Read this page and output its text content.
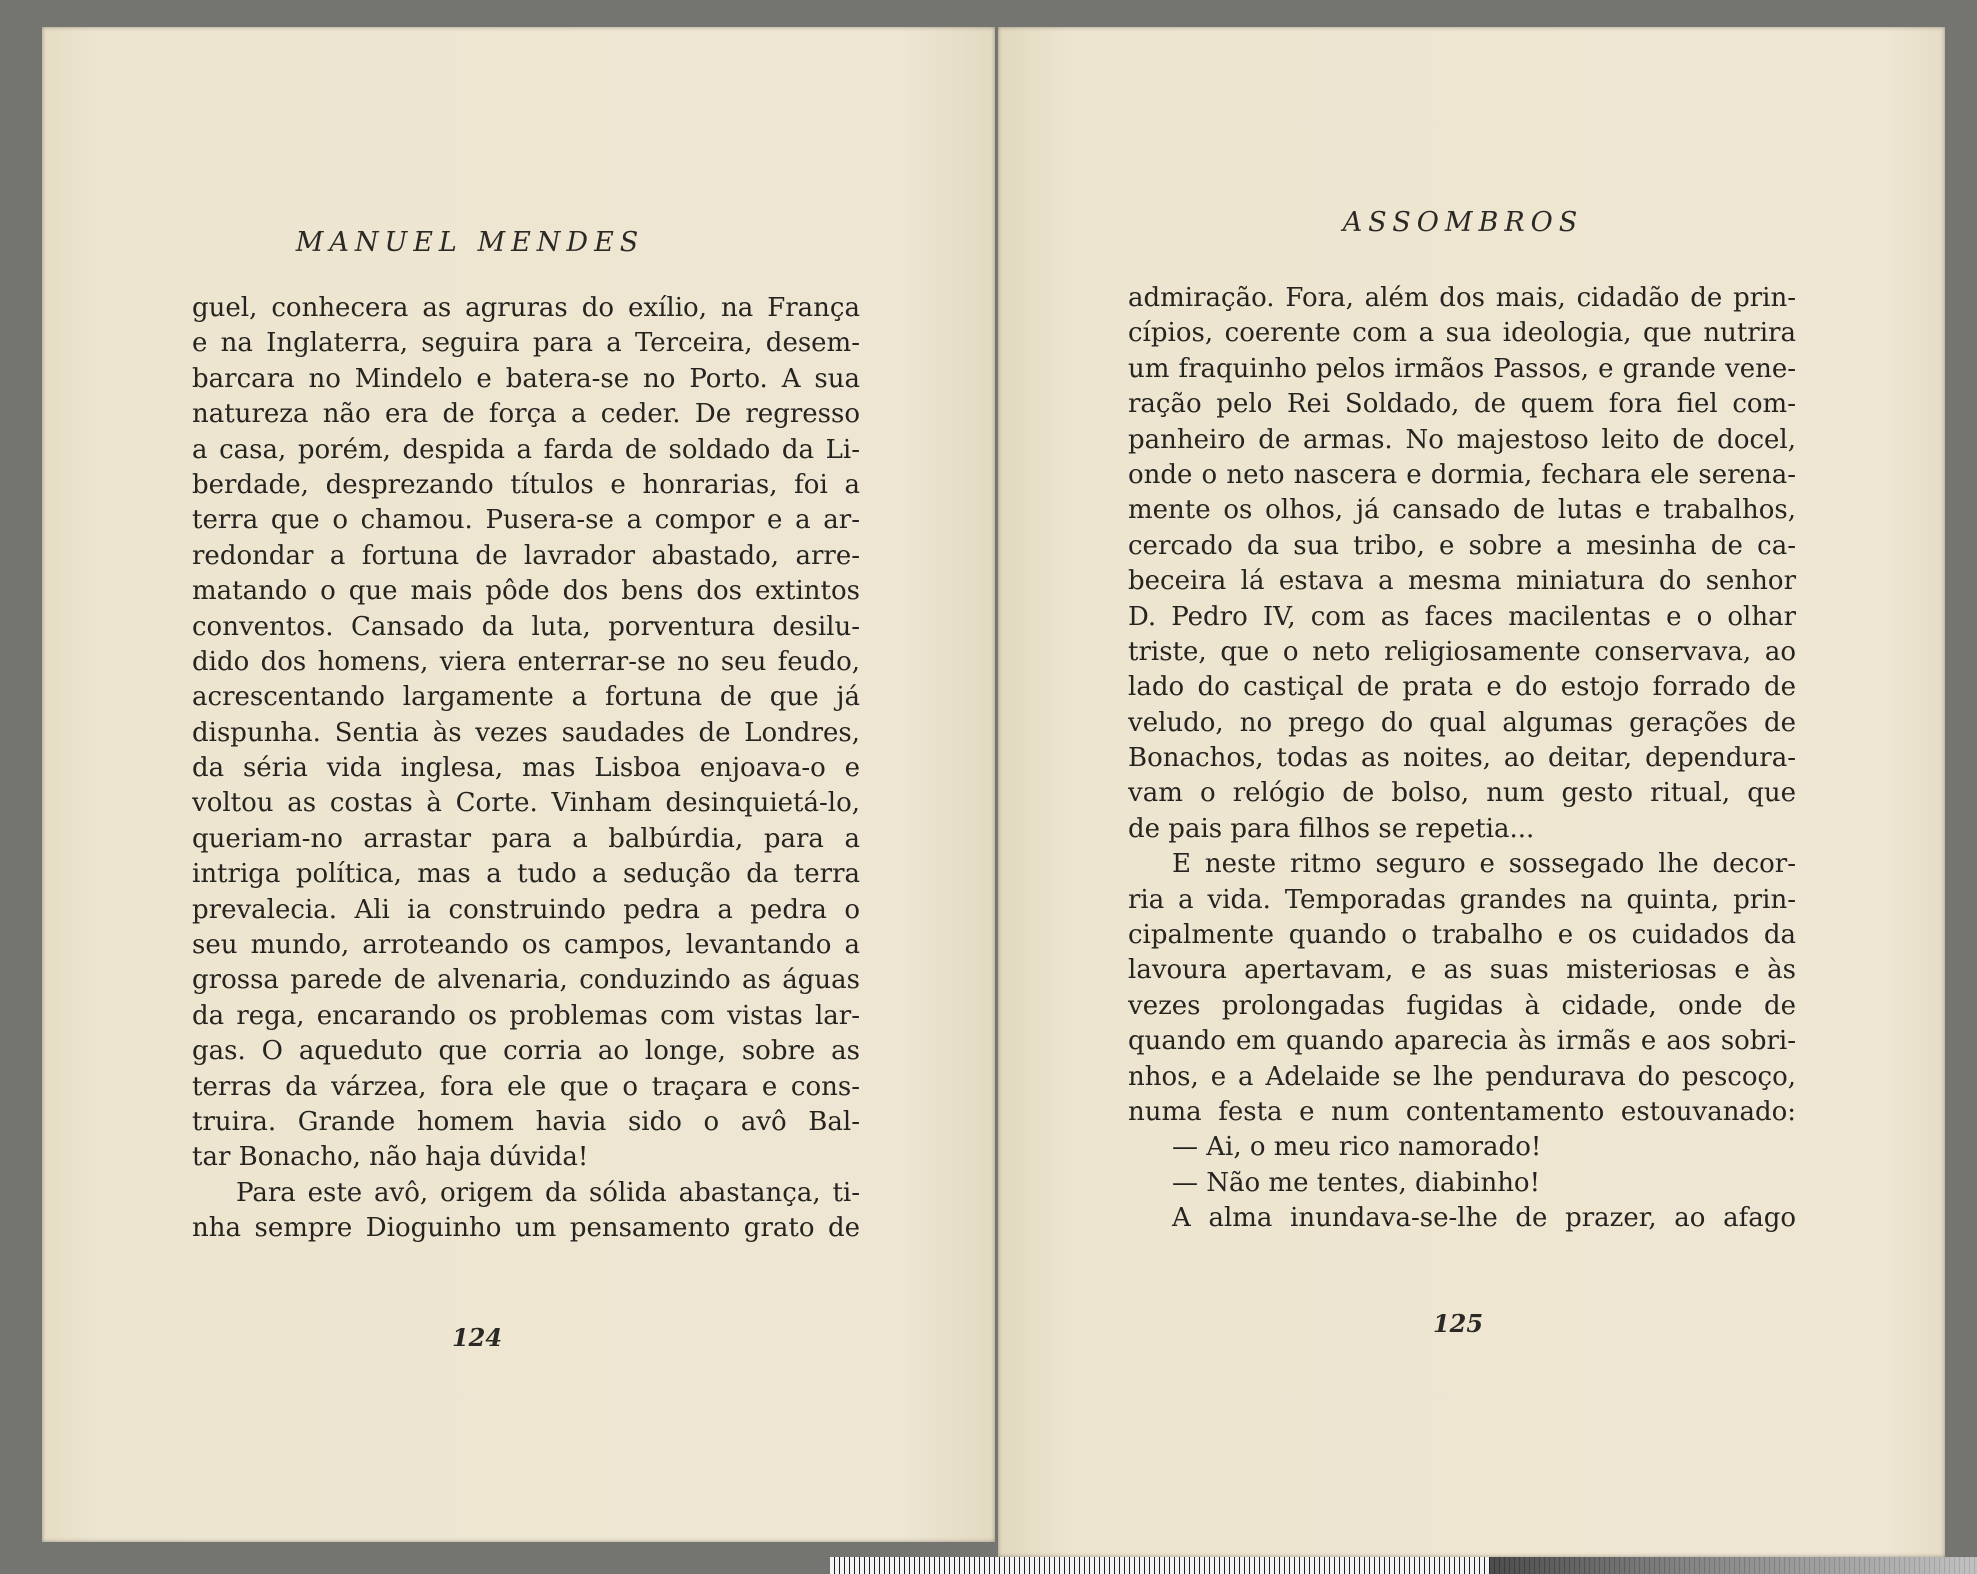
MANUEL MENDES
guel, conhecera as agruras do exílio, na França
e na Inglaterra, seguira para a Terceira, desem-
barcara no Mindelo e batera-se no Porto. A sua
natureza não era de força a ceder. De regresso
a casa, porém, despida a farda de soldado da Li-
berdade, desprezando títulos e honrarias, foi a
terra que o chamou. Pusera-se a compor e a ar-
redondar a fortuna de lavrador abastado, arre-
matando o que mais pôde dos bens dos extintos
conventos. Cansado da luta, porventura desilu-
dido dos homens, viera enterrar-se no seu feudo,
acrescentando largamente a fortuna de que já
dispunha. Sentia às vezes saudades de Londres,
da séria vida inglesa, mas Lisboa enjoava-o e
voltou as costas à Corte. Vinham desinquietá-lo,
queriam-no arrastar para a balbúrdia, para a
intriga política, mas a tudo a sedução da terra
prevalecia. Ali ia construindo pedra a pedra o
seu mundo, arroteando os campos, levantando a
grossa parede de alvenaria, conduzindo as águas
da rega, encarando os problemas com vistas lar-
gas. O aqueduto que corria ao longe, sobre as
terras da várzea, fora ele que o traçara e cons-
truira. Grande homem havia sido o avô Bal-
tar Bonacho, não haja dúvida!
Para este avô, origem da sólida abastança, ti-
nha sempre Dioguinho um pensamento grato de
124
ASSOMBROS
admiração. Fora, além dos mais, cidadão de prin-
cípios, coerente com a sua ideologia, que nutrira
um fraquinho pelos irmãos Passos, e grande vene-
ração pelo Rei Soldado, de quem fora fiel com-
panheiro de armas. No majestoso leito de docel,
onde o neto nascera e dormia, fechara ele serena-
mente os olhos, já cansado de lutas e trabalhos,
cercado da sua tribo, e sobre a mesinha de ca-
beceira lá estava a mesma miniatura do senhor
D. Pedro IV, com as faces macilentas e o olhar
triste, que o neto religiosamente conservava, ao
lado do castiçal de prata e do estojo forrado de
veludo, no prego do qual algumas gerações de
Bonachos, todas as noites, ao deitar, dependura-
vam o relógio de bolso, num gesto ritual, que
de pais para filhos se repetia...
E neste ritmo seguro e sossegado lhe decor-
ria a vida. Temporadas grandes na quinta, prin-
cipalmente quando o trabalho e os cuidados da
lavoura apertavam, e as suas misteriosas e às
vezes prolongadas fugidas à cidade, onde de
quando em quando aparecia às irmãs e aos sobri-
nhos, e a Adelaide se lhe pendurava do pescoço,
numa festa e num contentamento estouvanado:
— Ai, o meu rico namorado!
— Não me tentes, diabinho!
A alma inundava-se-lhe de prazer, ao afago
125
